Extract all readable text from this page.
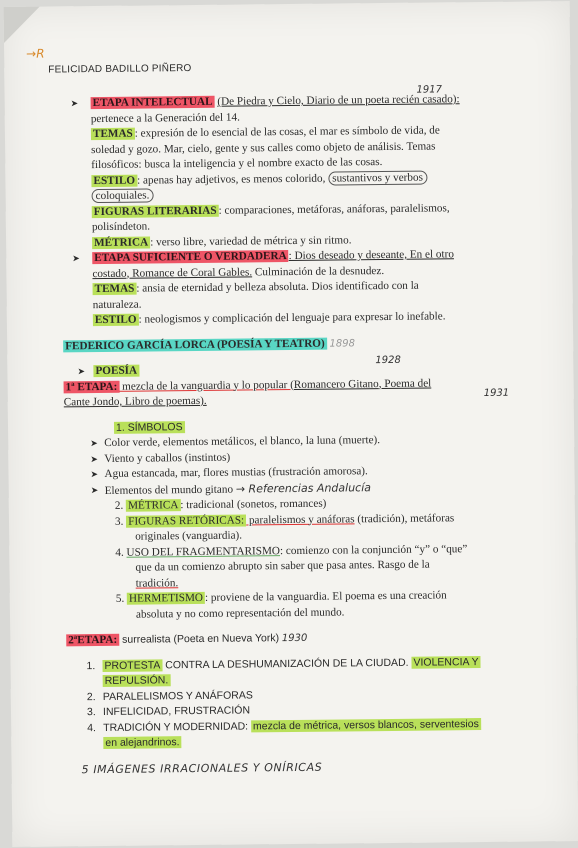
→R
FELICIDAD BADILLO PIÑERO
➤ ETAPA INTELECTUAL (De Piedra y Cielo, Diario de un poeta recién casado):
1917
pertenece a la Generación del 14.
TEMAS : expresión de lo esencial de las cosas, el mar es símbolo de vida, de
soledad y gozo. Mar, cielo, gente y sus calles como objeto de análisis. Temas
filosóficos: busca la inteligencia y el nombre exacto de las cosas.
ESTILO : apenas hay adjetivos, es menos colorido, sustantivos y verbos
coloquiales.
FIGURAS LITERARIAS : comparaciones, metáforas, anáforas, paralelismos,
polisíndeton.
MÉTRICA : verso libre, variedad de métrica y sin ritmo.
➤ ETAPA SUFICIENTE O VERDADERA : Dios deseado y deseante, En el otro
costado, Romance de Coral Gables. Culminación de la desnudez.
TEMAS : ansia de eternidad y belleza absoluta. Dios identificado con la
naturaleza.
ESTILO : neologismos y complicación del lenguaje para expresar lo inefable.
FEDERICO GARCÍA LORCA (POESÍA Y TEATRO) 1898
➤ POESÍA
1928
1ª ETAPA: mezcla de la vanguardia y lo popular (Romancero Gitano, Poema del
1931
Cante Jondo, Libro de poemas).
1. SÍMBOLOS
➤ Color verde, elementos metálicos, el blanco, la luna (muerte).
➤ Viento y caballos (instintos)
➤ Agua estancada, mar, flores mustias (frustración amorosa).
➤ Elementos del mundo gitano → Referencias Andalucía
2. MÉTRICA : tradicional (sonetos, romances)
3. FIGURAS RETÓRICAS: paralelismos y anáforas (tradición), metáforas
originales (vanguardia).
4. USO DEL FRAGMENTARISMO: comienzo con la conjunción “y” o “que”
que da un comienzo abrupto sin saber que pasa antes. Rasgo de la
tradición.
5. HERMETISMO : proviene de la vanguardia. El poema es una creación
absoluta y no como representación del mundo.
2ªETAPA: surrealista (Poeta en Nueva York) 1930
1. PROTESTA CONTRA LA DESHUMANIZACIÓN DE LA CIUDAD. VIOLENCIA Y
REPULSIÓN.
2. PARALELISMOS Y ANÁFORAS
3. INFELICIDAD, FRUSTRACIÓN
4. TRADICIÓN Y MODERNIDAD: mezcla de métrica, versos blancos, serventesios
en alejandrinos.
5 IMÁGENES IRRACIONALES Y ONÍRICAS
